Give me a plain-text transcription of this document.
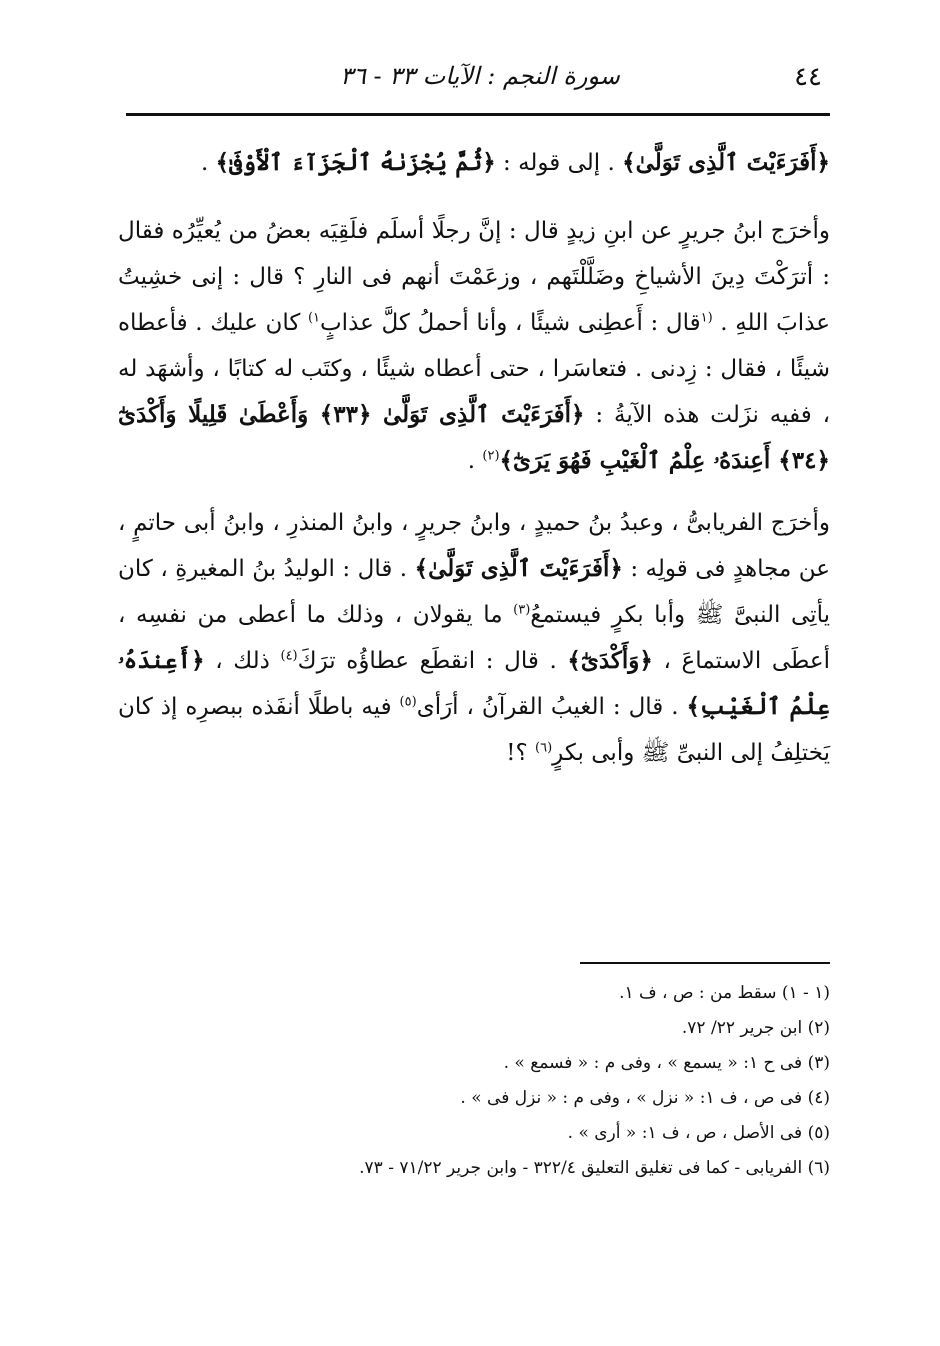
٤٤
سورة النجم : الآيات ٣٣ - ٣٦

﴿أَفَرَءَيْتَ ٱلَّذِى تَوَلَّىٰ﴾ . إلى قوله : ﴿ثُمَّ يُجْزَىٰهُ ٱلْجَزَآءَ ٱلْأَوْفَىٰ﴾ .

وأخرَج ابنُ جريرٍ عن ابنِ زيدٍ قال : إنَّ رجلًا أسلَم فلَقِيَه بعضُ من يُعيِّرُه فقال : أترَكْتَ دِينَ الأشياخِ وضَلَّلْتَهم ، وزعَمْتَ أنهم فى النارِ ؟ قال : إنى خشِيتُ عذابَ اللهِ . $^{(١}$قال : أَعطِنى شيئًا ، وأنا أحملُ كلَّ عذابٍ$^{١)}$ كان عليك . فأعطاه شيئًا ، فقال : زِدنى . فتعاسَرا ، حتى أعطاه شيئًا ، وكتَب له كتابًا ، وأشهَد له ، ففيه نزَلت هذه الآيةُ : ﴿أَفَرَءَيْتَ ٱلَّذِى تَوَلَّىٰ ﴿٣٣﴾ وَأَعْطَىٰ قَلِيلًا وَأَكْدَىٰٓ ﴿٣٤﴾ أَعِندَهُۥ عِلْمُ ٱلْغَيْبِ فَهُوَ يَرَىٰٓ﴾$^{(٢)}$ .

وأخرَج الفريابىُّ ، وعبدُ بنُ حميدٍ ، وابنُ جريرٍ ، وابنُ المنذرِ ، وابنُ أبى حاتمٍ ، عن مجاهدٍ فى قولِه : ﴿أَفَرَءَيْتَ ٱلَّذِى تَوَلَّىٰ﴾ . قال : الوليدُ بنُ المغيرةِ ، كان يأتِى النبىَّ ﷺ وأبا بكرٍ فيستمعُ$^{(٣)}$ ما يقولان ، وذلك ما أعطى من نفسِه ، أعطَى الاستماعَ ، ﴿وَأَكْدَىٰٓ﴾ . قال : انقطَع عطاؤُه ترَكَ$^{(٤)}$ ذلك ، ﴿أَعِندَهُۥ عِلْمُ ٱلْغَيْبِ﴾ . قال : الغيبُ القرآنُ ، أرَأى$^{(٥)}$ فيه باطلًا أنفَذه ببصرِه إذ كان يَختلِفُ إلى النبىِّ ﷺ وأبى بكرٍ$^{(٦)}$ ؟!

(١ - ١) سقط من : ص ، ف ١.
(٢) ابن جرير ٢٢/ ٧٢.
(٣) فى ح ١: « يسمع » ، وفى م : « فسمع » .
(٤) فى ص ، ف ١: « نزل » ، وفى م : « نزل فى » .
(٥) فى الأصل ، ص ، ف ١: « أرى » .
(٦) الفريابى - كما فى تغليق التعليق ٣٢٢/٤ - وابن جرير ٧١/٢٢ - ٧٣.
